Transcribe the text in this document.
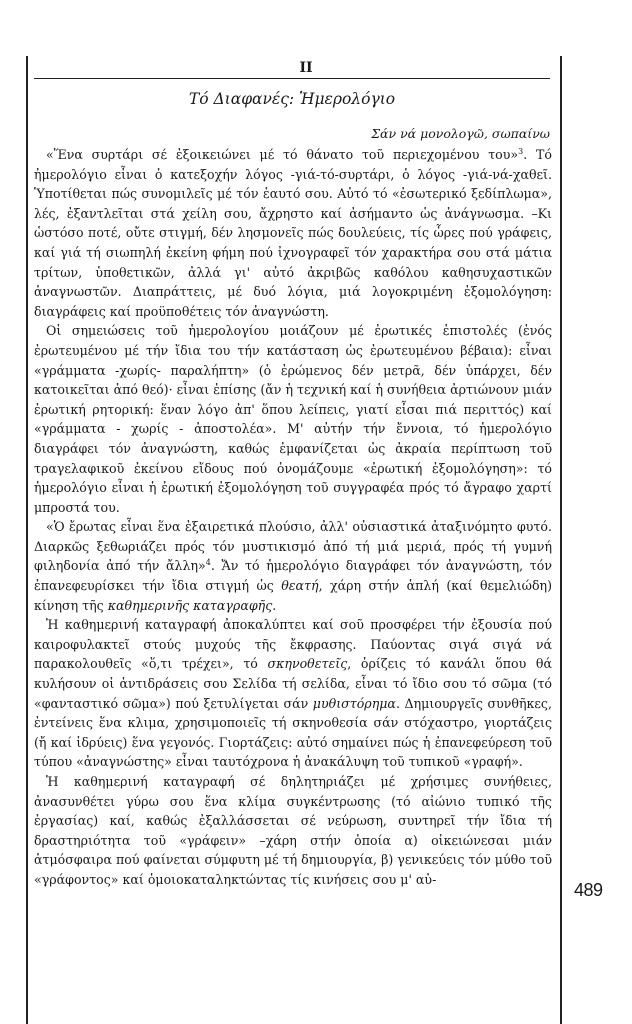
II
Τό Διαφανές: Ἡμερολόγιο
Σάν νά μονολογῶ, σωπαίνω

«Ἕνα συρτάρι σέ ἐξοικειώνει μέ τό θάνατο τοῦ περιεχομένου του»$^3$. Τό ἡμερολόγιο εἶναι ὁ κατεξοχήν λόγος -γιά-τό-συρτάρι, ὁ λόγος -γιά-νά-χαθεῖ. Ὑποτίθεται πώς συνομιλεῖς μέ τόν ἑαυτό σου. Αὐτό τό «ἐσωτερικό ξεδίπλωμα», λές, ἐξαντλεῖται στά χείλη σου, ἄχρηστο καί ἀσήμαντο ὡς ἀνάγνωσμα. –Κι ὡστόσο ποτέ, οὔτε στιγμή, δέν λησμονεῖς πώς δουλεύεις, τίς ὧρες πού γράφεις, καί γιά τή σιωπηλή ἐκείνη φήμη πού ἰχνογραφεῖ τόν χαρακτήρα σου στά μάτια τρίτων, ὑποθετικῶν, ἀλλά γι' αὐτό ἀκριβῶς καθόλου καθησυχαστικῶν ἀναγνωστῶν. Διαπράττεις, μέ δυό λόγια, μιά λογοκριμένη ἐξομολόγηση: διαγράφεις καί προϋποθέτεις τόν ἀναγνώστη.

Οἱ σημειώσεις τοῦ ἡμερολογίου μοιάζουν μέ ἐρωτικές ἐπιστολές (ἑνός ἐρωτευμένου μέ τήν ἴδια του τήν κατάσταση ὡς ἐρωτευμένου βέβαια): εἶναι «γράμματα -χωρίς- παραλήπτη» (ὁ ἐρώμενος δέν μετρᾶ, δέν ὑπάρχει, δέν κατοικεῖται ἀπό θεό)· εἶναι ἐπίσης (ἄν ἡ τεχνική καί ἡ συνήθεια ἀρτιώνουν μιάν ἐρωτική ρητορική: ἕναν λόγο ἀπ' ὅπου λείπεις, γιατί εἶσαι πιά περιττός) καί «γράμματα - χωρίς - ἀποστολέα». Μ' αὐτήν τήν ἔννοια, τό ἡμερολόγιο διαγράφει τόν ἀναγνώστη, καθώς ἐμφανίζεται ὡς ἀκραία περίπτωση τοῦ τραγελαφικοῦ ἐκείνου εἴδους πού ὀνομάζουμε «ἐρωτική ἐξομολόγηση»: τό ἡμερολόγιο εἶναι ἡ ἐρωτική ἐξομολόγηση τοῦ συγγραφέα πρός τό ἄγραφο χαρτί μπροστά του.

«Ὁ ἔρωτας εἶναι ἕνα ἐξαιρετικά πλούσιο, ἀλλ' οὐσιαστικά ἀταξινόμητο φυτό. Διαρκῶς ξεθωριάζει πρός τόν μυστικισμό ἀπό τή μιά μεριά, πρός τή γυμνή φιληδονία ἀπό τήν ἄλλη»$^4$. Ἄν τό ἡμερολόγιο διαγράφει τόν ἀναγνώστη, τόν ἐπανεφευρίσκει τήν ἴδια στιγμή ὡς θεατή, χάρη στήν ἁπλή (καί θεμελιώδη) κίνηση τῆς καθημερινῆς καταγραφῆς.

Ἡ καθημερινή καταγραφή ἀποκαλύπτει καί σοῦ προσφέρει τήν ἐξουσία πού καιροφυλακτεῖ στούς μυχούς τῆς ἔκφρασης. Παύοντας σιγά σιγά νά παρακολουθεῖς «ὅ,τι τρέχει», τό σκηνοθετεῖς, ὁρίζεις τό κανάλι ὅπου θά κυλήσουν οἱ ἀντιδράσεις σου Σελίδα τή σελίδα, εἶναι τό ἴδιο σου τό σῶμα (τό «φανταστικό σῶμα») πού ξετυλίγεται σάν μυθιστόρημα. Δημιουργεῖς συνθῆκες, ἐντείνεις ἕνα κλιμα, χρησιμοποιεῖς τή σκηνοθεσία σάν στόχαστρο, γιορτάζεις (ἤ καί ἱδρύεις) ἕνα γεγονός. Γιορτάζεις: αὐτό σημαίνει πώς ἡ ἐπανεφεύρεση τοῦ τύπου «ἀναγνώστης» εἶναι ταυτόχρονα ἡ ἀνακάλυψη τοῦ τυπικοῦ «γραφή».

Ἡ καθημερινή καταγραφή σέ δηλητηριάζει μέ χρήσιμες συνήθειες, ἀνασυνθέτει γύρω σου ἕνα κλίμα συγκέντρωσης (τό αἰώνιο τυπικό τῆς ἐργασίας) καί, καθώς ἐξαλλάσσεται σέ νεύρωση, συντηρεῖ τήν ἴδια τή δραστηριότητα τοῦ «γράφειν» –χάρη στήν ὁποία α) οἰκειώνεσαι μιάν ἀτμόσφαιρα πού φαίνεται σύμφυτη μέ τή δημιουργία, β) γενικεύεις τόν μύθο τοῦ «γράφοντος» καί ὁμοιοκαταληκτώντας τίς κινήσεις σου μ' αὐ-

489
